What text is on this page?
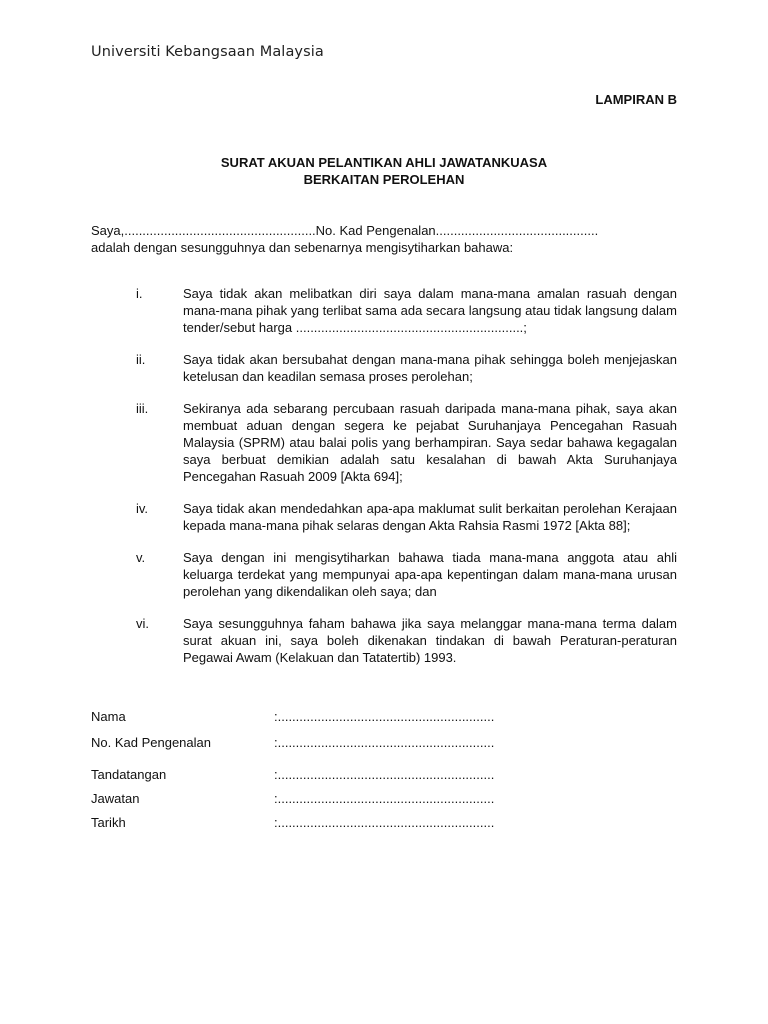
Universiti Kebangsaan Malaysia
LAMPIRAN B
SURAT AKUAN PELANTIKAN AHLI JAWATANKUASA
BERKAITAN PEROLEHAN
Saya,.....................................................No. Kad Pengenalan.............................................
adalah dengan sesungguhnya dan sebenarnya mengisytiharkan bahawa:
i.	Saya tidak akan melibatkan diri saya dalam mana-mana amalan rasuah dengan mana-mana pihak yang terlibat sama ada secara langsung atau tidak langsung dalam tender/sebut harga ...............................................................;
ii.	Saya tidak akan bersubahat dengan mana-mana pihak sehingga boleh menjejaskan ketelusan dan keadilan semasa proses perolehan;
iii.	Sekiranya ada sebarang percubaan rasuah daripada mana-mana pihak, saya akan membuat aduan dengan segera ke pejabat Suruhanjaya Pencegahan Rasuah Malaysia (SPRM) atau balai polis yang berhampiran. Saya sedar bahawa kegagalan saya berbuat demikian adalah satu kesalahan di bawah Akta Suruhanjaya Pencegahan Rasuah 2009 [Akta 694];
iv.	Saya tidak akan mendedahkan apa-apa maklumat sulit berkaitan perolehan Kerajaan kepada mana-mana pihak selaras dengan Akta Rahsia Rasmi 1972 [Akta 88];
v.	Saya dengan ini mengisytiharkan bahawa tiada mana-mana anggota atau ahli keluarga terdekat yang mempunyai apa-apa kepentingan dalam mana-mana urusan perolehan yang dikendalikan oleh saya; dan
vi.	Saya sesungguhnya faham bahawa jika saya melanggar mana-mana terma dalam surat akuan ini, saya boleh dikenakan tindakan di bawah Peraturan-peraturan Pegawai Awam (Kelakuan dan Tatatertib) 1993.
Nama	:............................................................
No. Kad Pengenalan	:............................................................
Tandatangan	:............................................................
Jawatan	:............................................................
Tarikh	:............................................................
